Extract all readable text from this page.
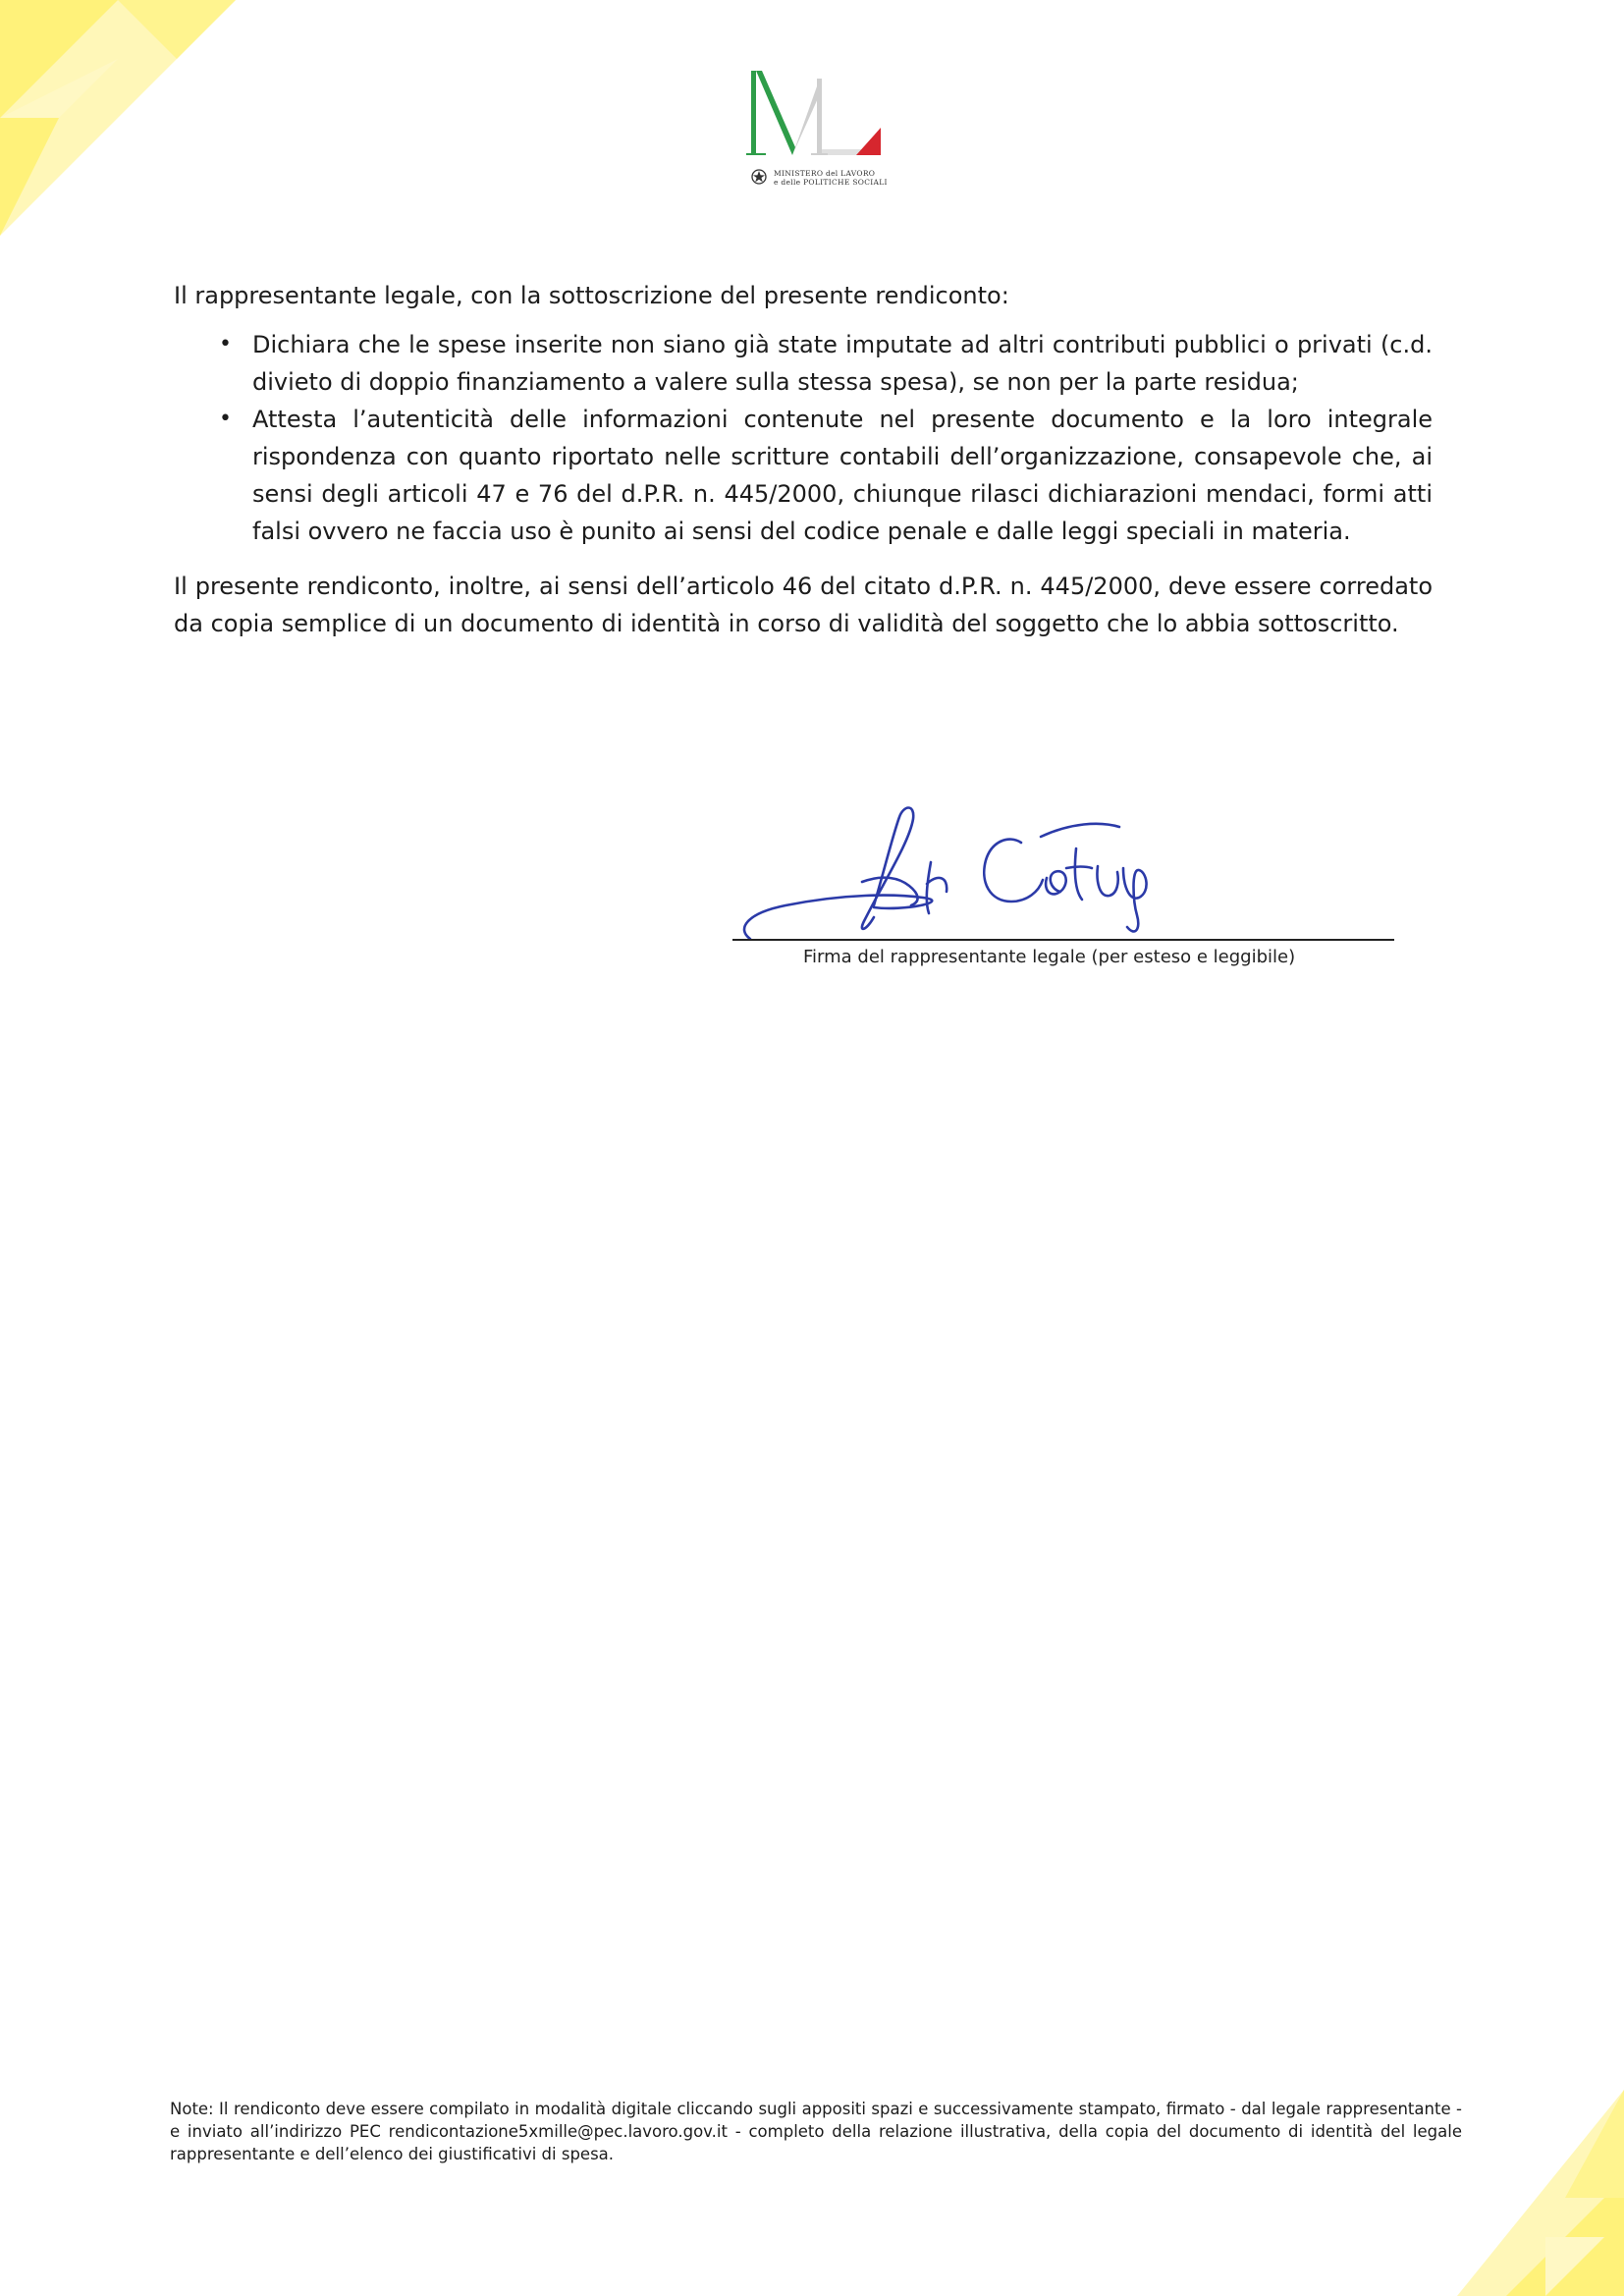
MINISTERO del LAVORO
e delle POLITICHE SOCIALI

Il rappresentante legale, con la sottoscrizione del presente rendiconto:

• Dichiara che le spese inserite non siano già state imputate ad altri contributi pubblici o privati (c.d. divieto di doppio finanziamento a valere sulla stessa spesa), se non per la parte residua;
• Attesta l’autenticità delle informazioni contenute nel presente documento e la loro integrale rispondenza con quanto riportato nelle scritture contabili dell’organizzazione, consapevole che, ai sensi degli articoli 47 e 76 del d.P.R. n. 445/2000, chiunque rilasci dichiarazioni mendaci, formi atti falsi ovvero ne faccia uso è punito ai sensi del codice penale e dalle leggi speciali in materia.

Il presente rendiconto, inoltre, ai sensi dell’articolo 46 del citato d.P.R. n. 445/2000, deve essere corredato da copia semplice di un documento di identità in corso di validità del soggetto che lo abbia sottoscritto.

Firma del rappresentante legale (per esteso e leggibile)
Note: Il rendiconto deve essere compilato in modalità digitale cliccando sugli appositi spazi e successivamente stampato, firmato - dal legale rappresentante - e inviato all’indirizzo PEC rendicontazione5xmille@pec.lavoro.gov.it - completo della relazione illustrativa, della copia del documento di identità del legale rappresentante e dell’elenco dei giustificativi di spesa.
